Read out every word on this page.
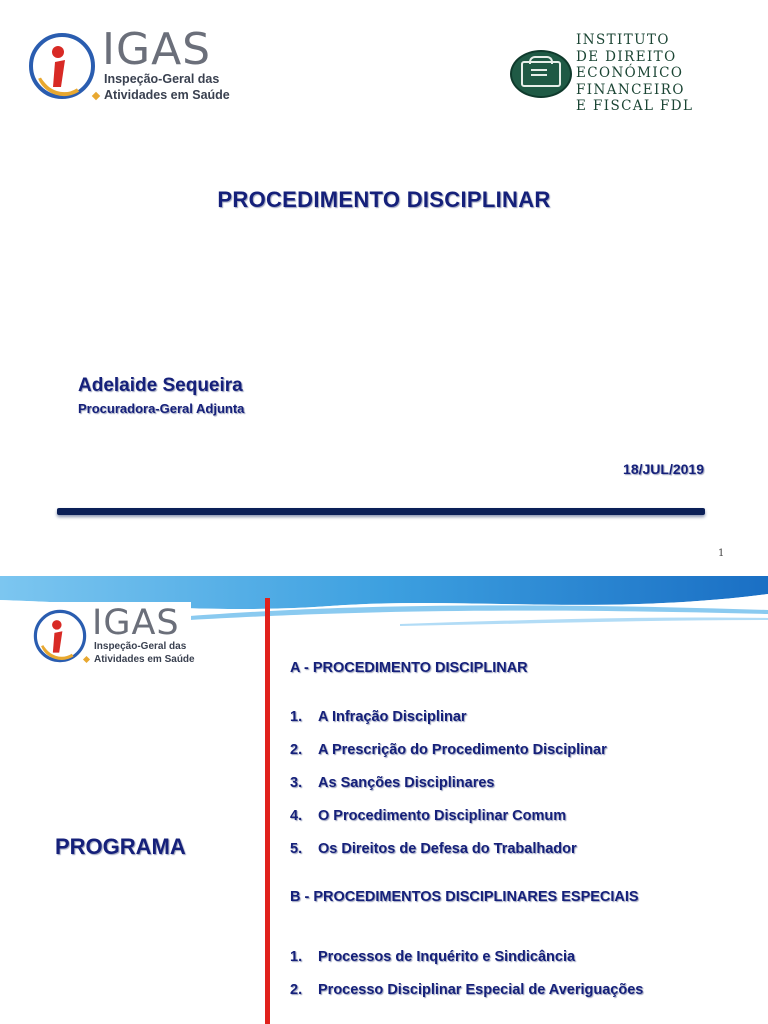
IGAS
Inspeção-Geral das
Atividades em Saúde
INSTITUTO
DE DIREITO
ECONÓMICO
FINANCEIRO
E FISCAL FDL
PROCEDIMENTO DISCIPLINAR
Adelaide Sequeira
Procuradora-Geral Adjunta
18/JUL/2019
1
IGAS
Inspeção-Geral das
Atividades em Saúde
PROGRAMA
A - PROCEDIMENTO DISCIPLINAR
1. A Infração Disciplinar
2. A Prescrição do Procedimento Disciplinar
3. As Sanções Disciplinares
4. O Procedimento Disciplinar Comum
5. Os Direitos de Defesa do Trabalhador
B - PROCEDIMENTOS DISCIPLINARES ESPECIAIS
1. Processos de Inquérito e Sindicância
2. Processo Disciplinar Especial de Averiguações
